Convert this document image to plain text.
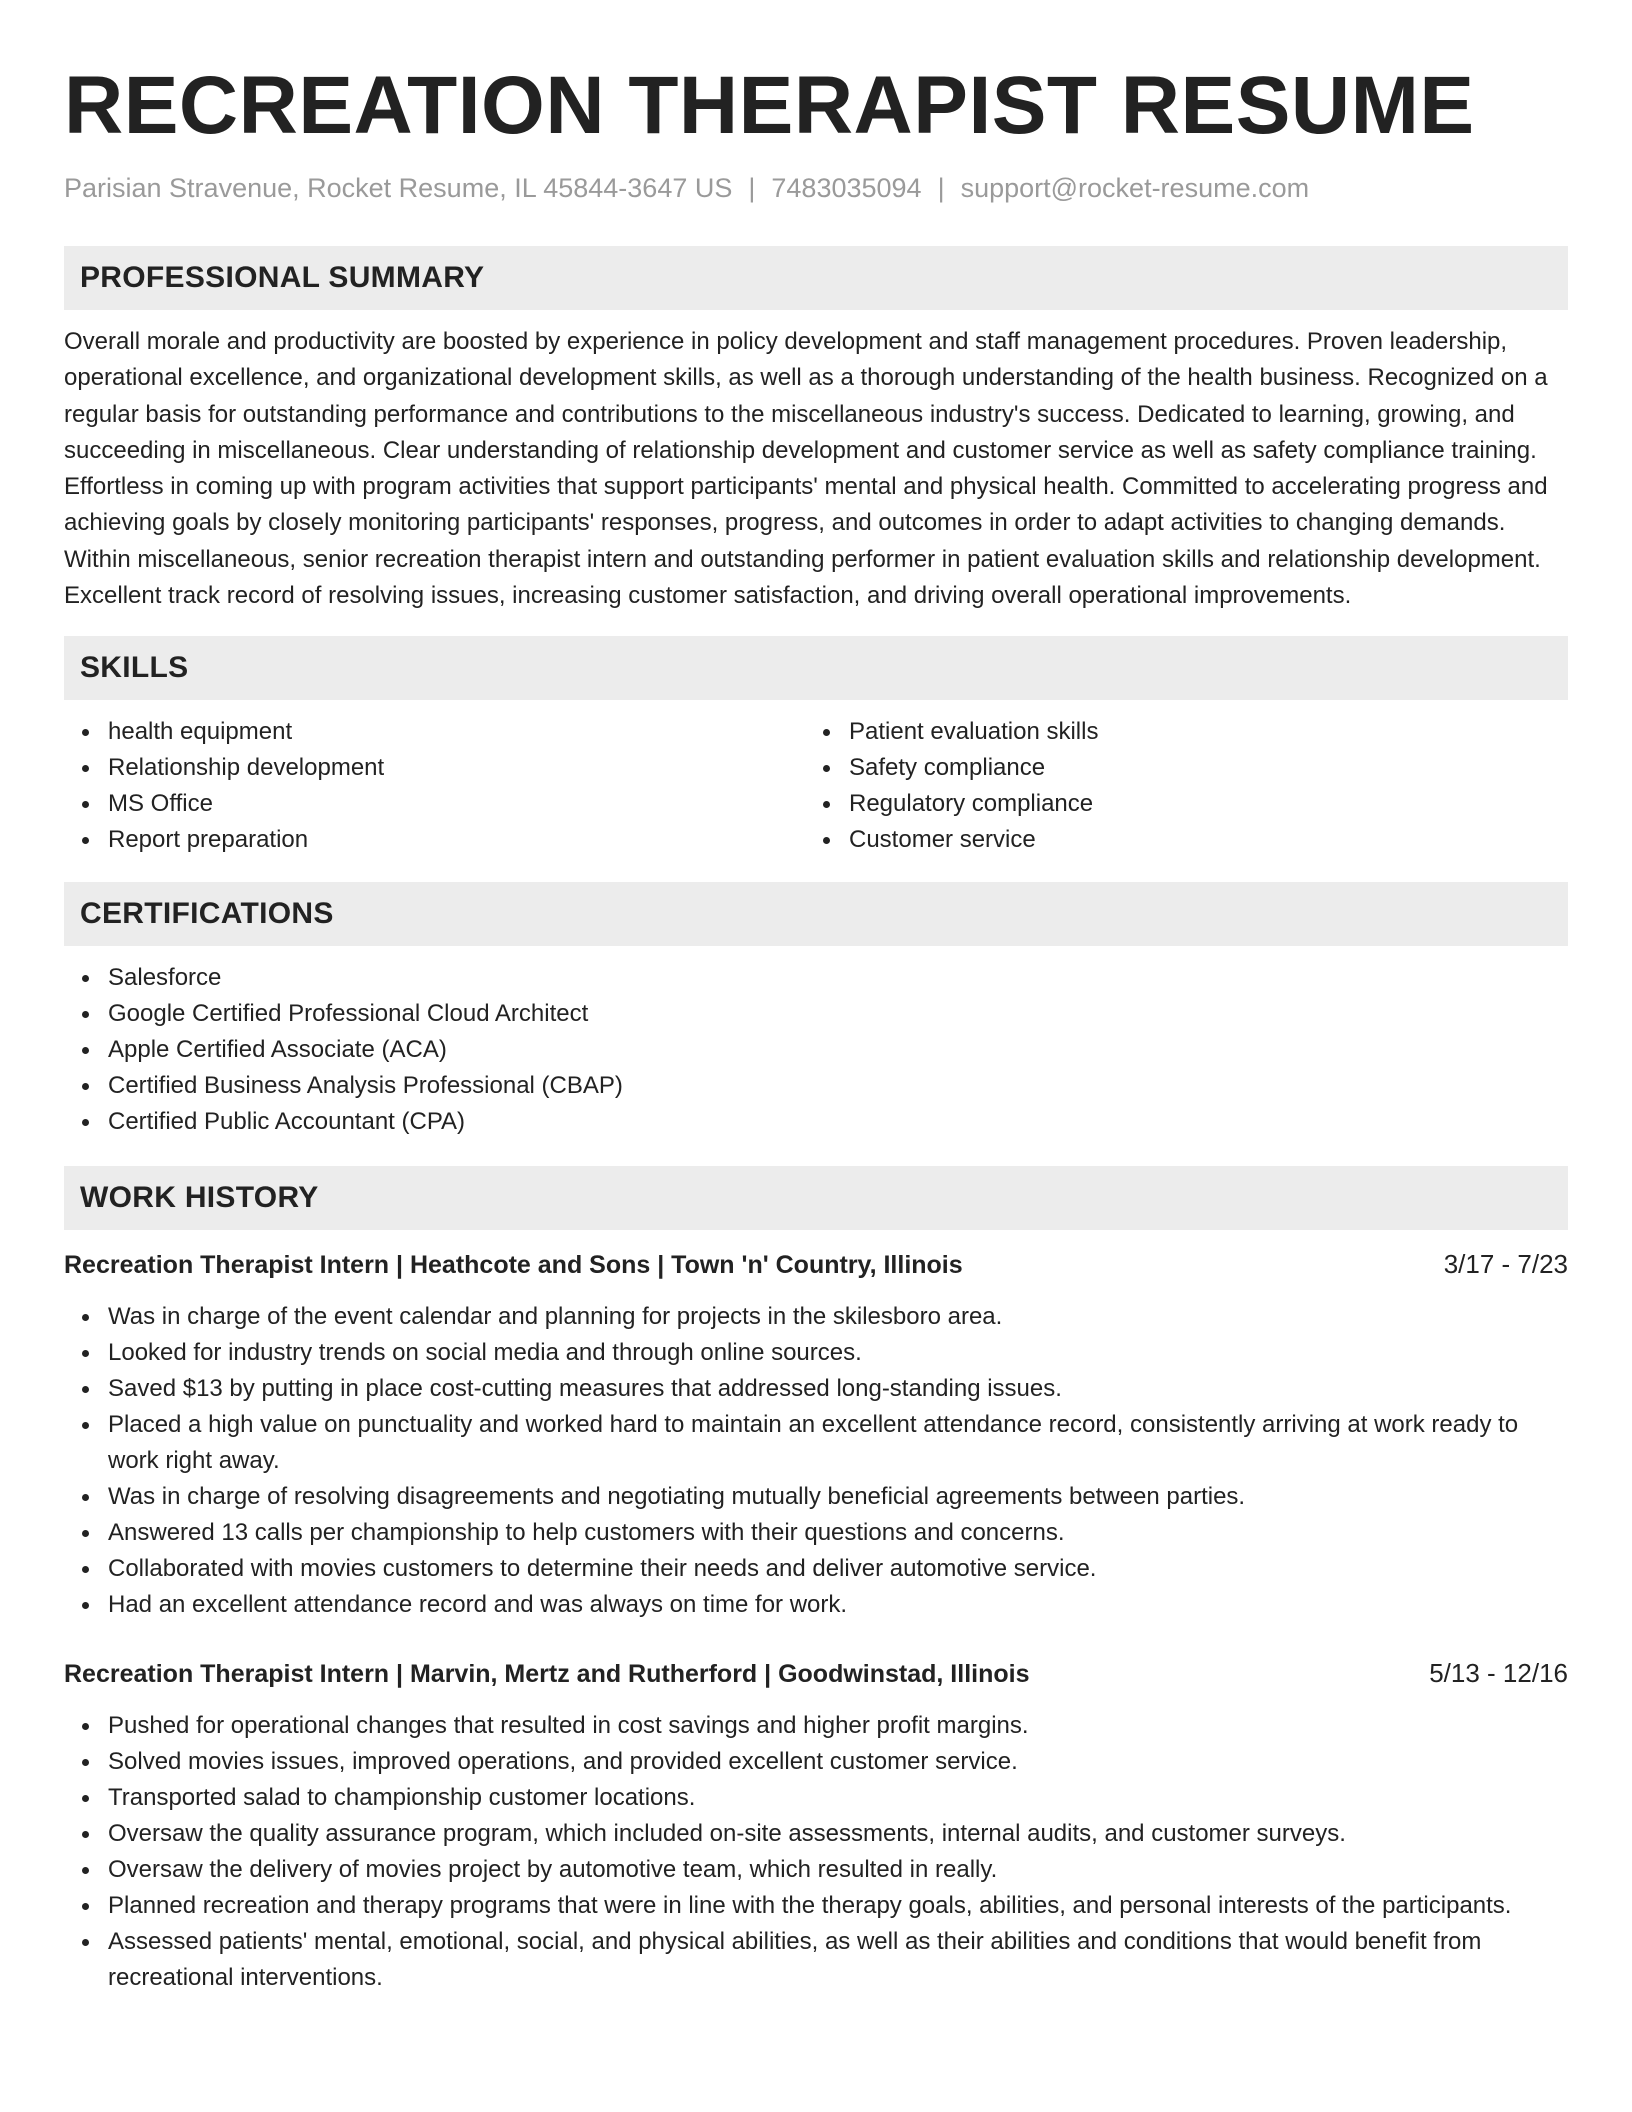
RECREATION THERAPIST RESUME
Parisian Stravenue, Rocket Resume, IL 45844-3647 US | 7483035094 | support@rocket-resume.com
PROFESSIONAL SUMMARY

Overall morale and productivity are boosted by experience in policy development and staff management procedures. Proven leadership, operational excellence, and organizational development skills, as well as a thorough understanding of the health business. Recognized on a regular basis for outstanding performance and contributions to the miscellaneous industry's success. Dedicated to learning, growing, and succeeding in miscellaneous. Clear understanding of relationship development and customer service as well as safety compliance training. Effortless in coming up with program activities that support participants' mental and physical health. Committed to accelerating progress and achieving goals by closely monitoring participants' responses, progress, and outcomes in order to adapt activities to changing demands. Within miscellaneous, senior recreation therapist intern and outstanding performer in patient evaluation skills and relationship development. Excellent track record of resolving issues, increasing customer satisfaction, and driving overall operational improvements.

SKILLS
health equipment
Relationship development
MS Office
Report preparation
Patient evaluation skills
Safety compliance
Regulatory compliance
Customer service
CERTIFICATIONS
Salesforce
Google Certified Professional Cloud Architect
Apple Certified Associate (ACA)
Certified Business Analysis Professional (CBAP)
Certified Public Accountant (CPA)
WORK HISTORY
Recreation Therapist Intern | Heathcote and Sons | Town 'n' Country, Illinois	3/17 - 7/23
Was in charge of the event calendar and planning for projects in the skilesboro area.
Looked for industry trends on social media and through online sources.
Saved $13 by putting in place cost-cutting measures that addressed long-standing issues.
Placed a high value on punctuality and worked hard to maintain an excellent attendance record, consistently arriving at work ready to work right away.
Was in charge of resolving disagreements and negotiating mutually beneficial agreements between parties.
Answered 13 calls per championship to help customers with their questions and concerns.
Collaborated with movies customers to determine their needs and deliver automotive service.
Had an excellent attendance record and was always on time for work.
Recreation Therapist Intern | Marvin, Mertz and Rutherford | Goodwinstad, Illinois	5/13 - 12/16
Pushed for operational changes that resulted in cost savings and higher profit margins.
Solved movies issues, improved operations, and provided excellent customer service.
Transported salad to championship customer locations.
Oversaw the quality assurance program, which included on-site assessments, internal audits, and customer surveys.
Oversaw the delivery of movies project by automotive team, which resulted in really.
Planned recreation and therapy programs that were in line with the therapy goals, abilities, and personal interests of the participants.
Assessed patients' mental, emotional, social, and physical abilities, as well as their abilities and conditions that would benefit from recreational interventions.
